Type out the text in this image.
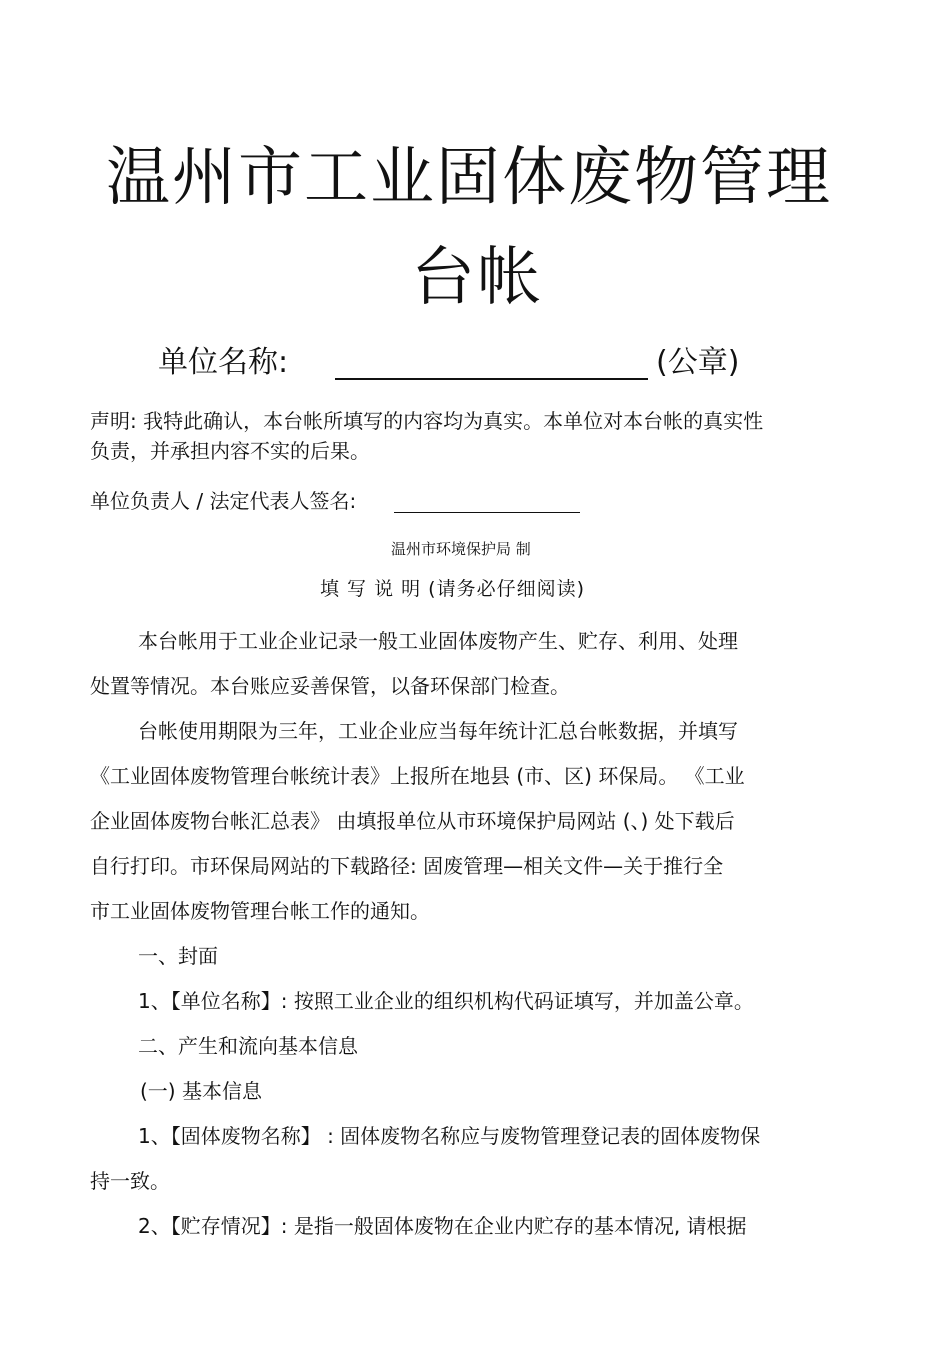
温州市工业固体废物管理
台帐
单位名称:	(公章)
声明: 我特此确认，本台帐所填写的内容均为真实。本单位对本台帐的真实性
负责，并承担内容不实的后果。
单位负责人 / 法定代表人签名:
温州市环境保护局 制
填 写 说 明 (请务必仔细阅读)
本台帐用于工业企业记录一般工业固体废物产生、贮存、利用、处理
处置等情况。本台账应妥善保管，以备环保部门检查。
台帐使用期限为三年，工业企业应当每年统计汇总台帐数据，并填写
《工业固体废物管理台帐统计表》上报所在地县 (市、区) 环保局。 《工业
企业固体废物台帐汇总表》 由填报单位从市环境保护局网站 (、) 处下载后
自行打印。市环保局网站的下载路径: 固废管理—相关文件—关于推行全
市工业固体废物管理台帐工作的通知。
一、封面
1、【单位名称】: 按照工业企业的组织机构代码证填写，并加盖公章。
二、产生和流向基本信息
(一) 基本信息
1、【固体废物名称】 : 固体废物名称应与废物管理登记表的固体废物保
持一致。
2、【贮存情况】: 是指一般固体废物在企业内贮存的基本情况, 请根据
